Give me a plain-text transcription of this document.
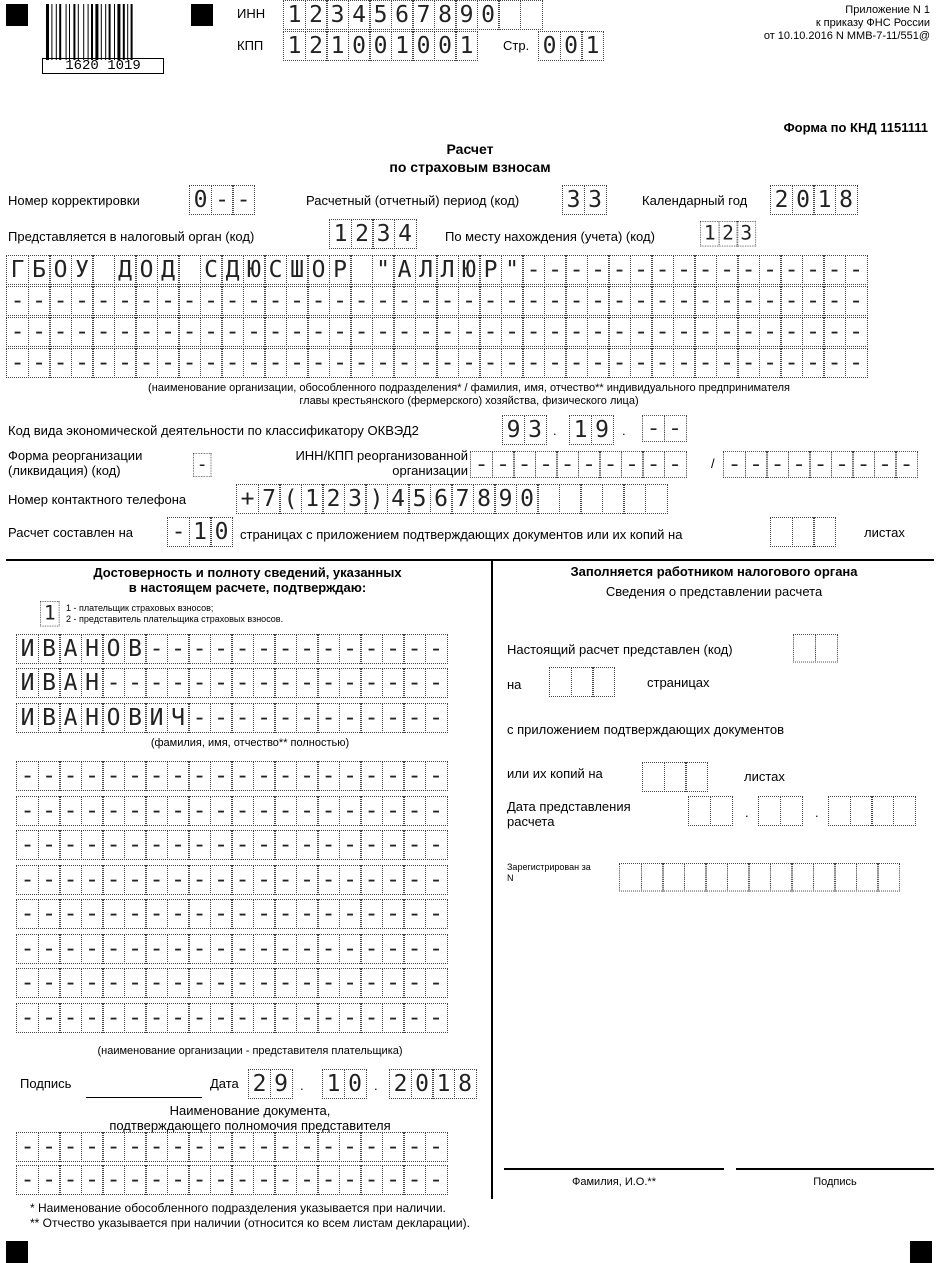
1620 1019
ИНН 1 2 3 4 5 6 7 8 9 0
КПП 1 2 1 0 0 1 0 0 1	Стр. 0 0 1
Приложение N 1
к приказу ФНС России
от 10.10.2016 N ММВ-7-11/551@
Форма по КНД 1151111
Расчет
по страховым взносам
Номер корректировки 0 - -	Расчетный (отчетный) период (код) 3 3	Календарный год 2 0 1 8
Представляется в налоговый орган (код)	1 2 3 4	По месту нахождения (учета) (код) 1 2 3
Г Б О У Д О Д С Д Ю С Ш О Р " А Л Л Ю Р " - - - - - - - - - - - - - - - -
- - - - - - - - - - - - - - - - - - - - - - - - - - - - - - - - - - - - - - - -
- - - - - - - - - - - - - - - - - - - - - - - - - - - - - - - - - - - - - - - -
- - - - - - - - - - - - - - - - - - - - - - - - - - - - - - - - - - - - - - - -
(наименование организации, обособленного подразделения* / фамилия, имя, отчество** индивидуального предпринимателя
главы крестьянского (фермерского) хозяйства, физического лица)
Код вида экономической деятельности по классификатору ОКВЭД2	9 3 . 1 9	. - -
Форма реорганизации
(ликвидация) (код)	-	ИНН/КПП реорганизованной
организации - - - - - - - - - -	/ - - - - - - - - -
Номер контактного телефона + 7 ( 1 2 3 ) 4 5 6 7 8 9 0
Расчет составлен на - 1 0 страницах с приложением подтверждающих документов или их копий на	листах
Достоверность и полноту сведений, указанных
в настоящем расчете, подтверждаю:
1	1 - плательщик страховых взносов;
2 - представитель плательщика страховых взносов.
И В А Н О В - - - - - - - - - - - - - -
И В А Н - - - - - - - - - - - - - - - -
И В А Н О В И Ч - - - - - - - - - - - -
(фамилия, имя, отчество** полностью)
- - - - - - - - - - - - - - - - - - - -
- - - - - - - - - - - - - - - - - - - -
- - - - - - - - - - - - - - - - - - - -
- - - - - - - - - - - - - - - - - - - -
- - - - - - - - - - - - - - - - - - - -
- - - - - - - - - - - - - - - - - - - -
- - - - - - - - - - - - - - - - - - - -
- - - - - - - - - - - - - - - - - - - -
(наименование организации - представителя плательщика)
Подпись	Дата 2 9 . 1 0 . 2 0 1 8
Наименование документа,
подтверждающего полномочия представителя
- - - - - - - - - - - - - - - - - - - -
- - - - - - - - - - - - - - - - - - - -
* Наименование обособленного подразделения указывается при наличии.
** Отчество указывается при наличии (относится ко всем листам декларации).
Заполняется работником налогового органа
Сведения о представлении расчета
Настоящий расчет представлен (код)
на	страницах
с приложением подтверждающих документов
или их копий на	листах
Дата представления
расчета
.	.
Зарегистрирован за
N
Фамилия, И.О.**	Подпись
